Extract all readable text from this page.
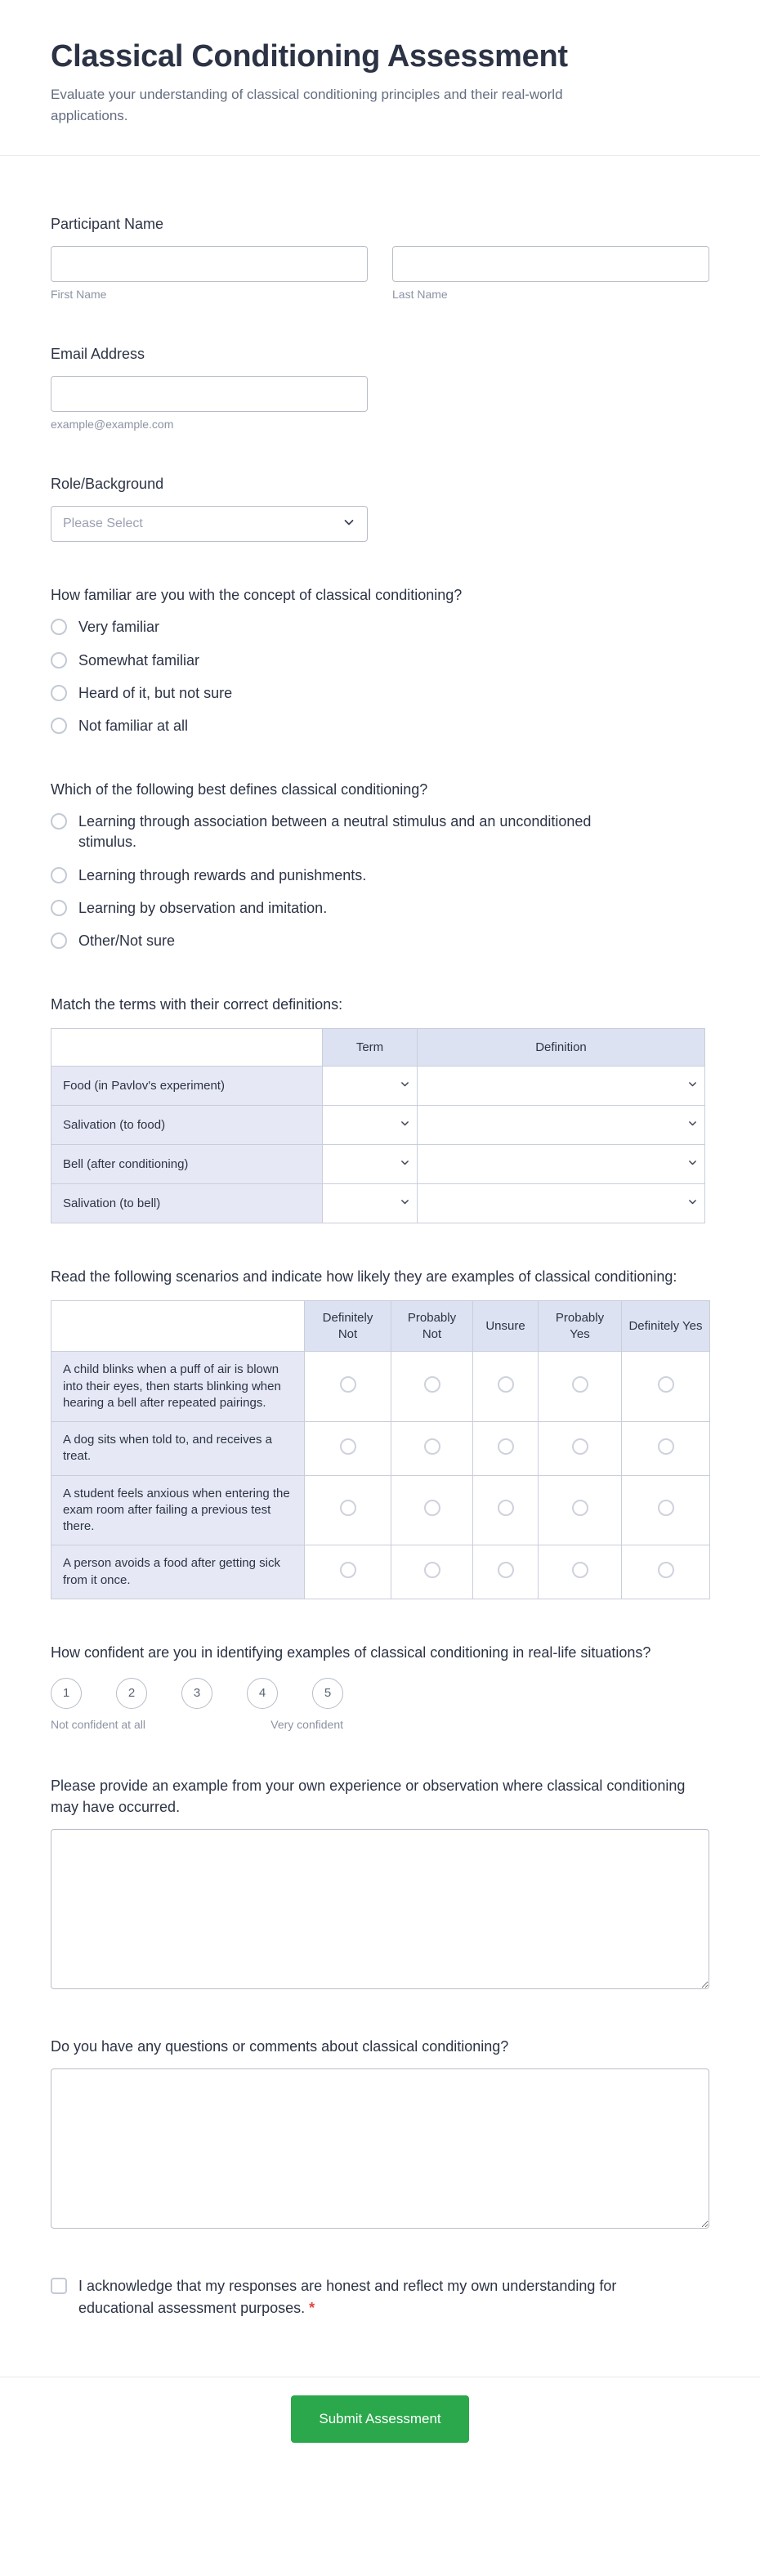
Classical Conditioning Assessment

Evaluate your understanding of classical conditioning principles and their real-world applications.

Participant Name
First Name	Last Name
Email Address
example@example.com
Role/Background
Please Select
How familiar are you with the concept of classical conditioning?
Very familiar
Somewhat familiar
Heard of it, but not sure
Not familiar at all
Which of the following best defines classical conditioning?
Learning through association between a neutral stimulus and an unconditioned stimulus.
Learning through rewards and punishments.
Learning by observation and imitation.
Other/Not sure
Match the terms with their correct definitions:
	Term	Definition
Food (in Pavlov's experiment)	

Salivation (to food)	

Bell (after conditioning)	

Salivation (to bell)	

Read the following scenarios and indicate how likely they are examples of classical conditioning:
	Definitely Not	Probably Not	Unsure	Probably Yes	Definitely Yes
A child blinks when a puff of air is blown into their eyes, then starts blinking when hearing a bell after repeated pairings.					
A dog sits when told to, and receives a treat.					
A student feels anxious when entering the exam room after failing a previous test there.					
A person avoids a food after getting sick from it once.					
How confident are you in identifying examples of classical conditioning in real-life situations?
1	2	3	4	5
Not confident at all	Very confident
Please provide an example from your own experience or observation where classical conditioning may have occurred.
Do you have any questions or comments about classical conditioning?
I acknowledge that my responses are honest and reflect my own understanding for educational assessment purposes. *
Submit Assessment
